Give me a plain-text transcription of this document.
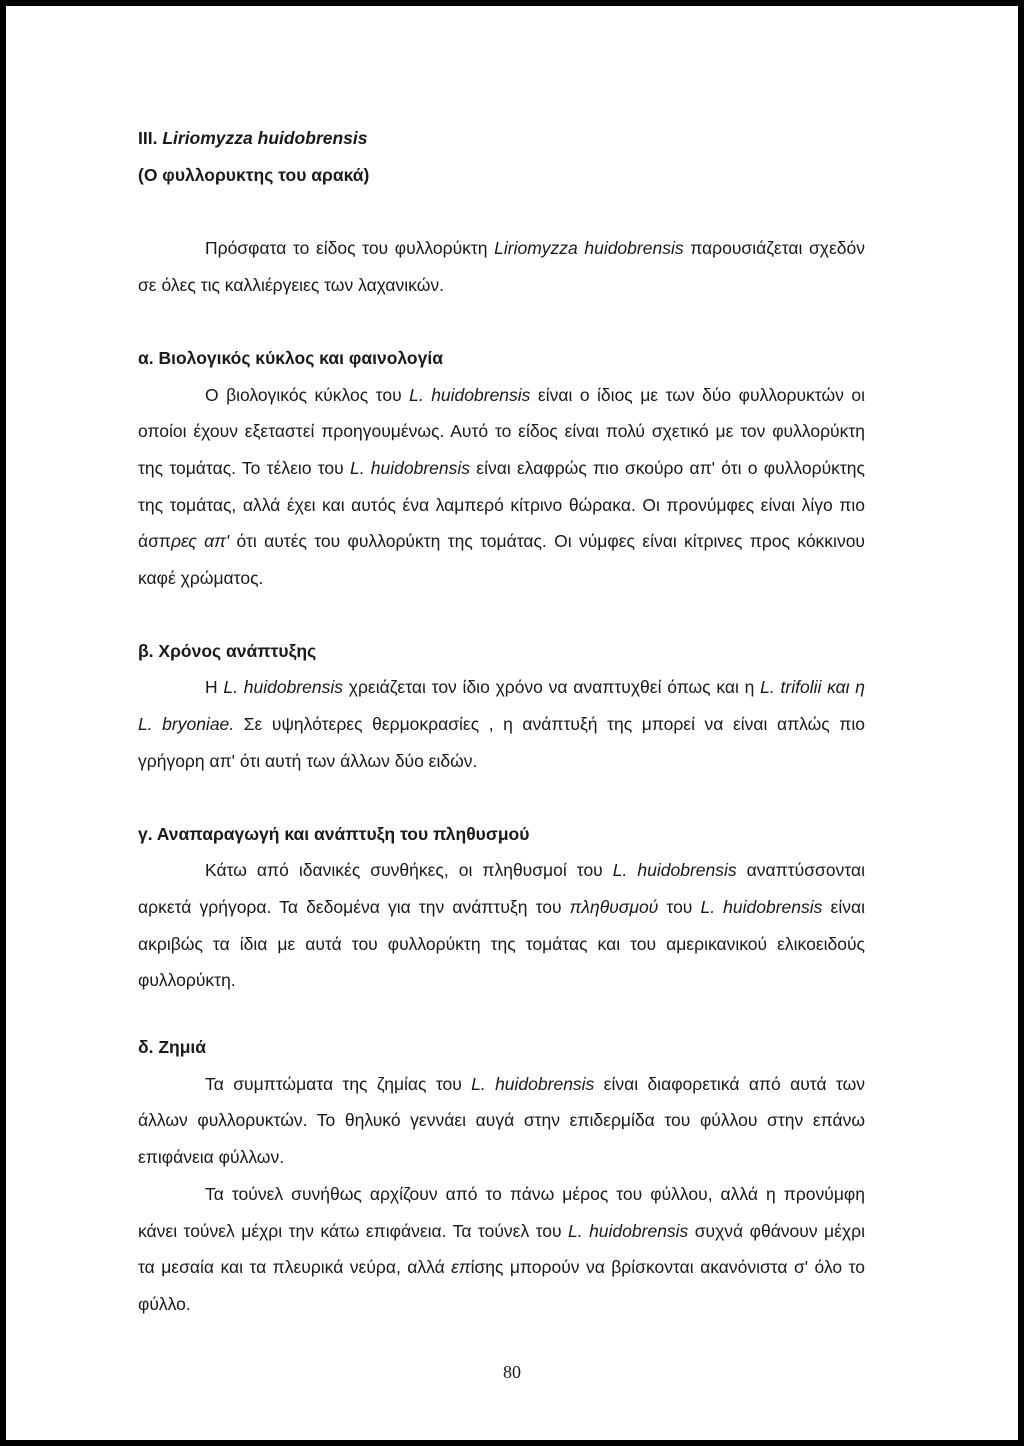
III. Liriomyzza huidobrensis
(Ο φυλλορυκτης του αρακά)

Πρόσφατα το είδος του φυλλορύκτη Liriomyzza huidobrensis παρουσιάζεται σχεδόν σε όλες τις καλλιέργειες των λαχανικών.

α. Βιολογικός κύκλος και φαινολογία

Ο βιολογικός κύκλος του L. huidobrensis είναι ο ίδιος με των δύο φυλλορυκτών οι οποίοι έχουν εξεταστεί προηγουμένως. Αυτό το είδος είναι πολύ σχετικό με τον φυλλορύκτη της τομάτας. Το τέλειο του L. huidobrensis είναι ελαφρώς πιο σκούρο απ' ότι ο φυλλορύκτης της τομάτας, αλλά έχει και αυτός ένα λαμπερό κίτρινο θώρακα. Οι προνύμφες είναι λίγο πιο άσπρες απ' ότι αυτές του φυλλορύκτη της τομάτας. Οι νύμφες είναι κίτρινες προς κόκκινου καφέ χρώματος.

β. Χρόνος ανάπτυξης

Η L. huidobrensis χρειάζεται τον ίδιο χρόνο να αναπτυχθεί όπως και η L. trifolii και η L. bryoniae. Σε υψηλότερες θερμοκρασίες , η ανάπτυξή της μπορεί να είναι απλώς πιο γρήγορη απ' ότι αυτή των άλλων δύο ειδών.

γ. Αναπαραγωγή και ανάπτυξη του πληθυσμού

Κάτω από ιδανικές συνθήκες, οι πληθυσμοί του L. huidobrensis αναπτύσσονται αρκετά γρήγορα. Τα δεδομένα για την ανάπτυξη του πληθυσμού του L. huidobrensis είναι ακριβώς τα ίδια με αυτά του φυλλορύκτη της τομάτας και του αμερικανικού ελικοειδούς φυλλορύκτη.

δ. Ζημιά

Τα συμπτώματα της ζημίας του L. huidobrensis είναι διαφορετικά από αυτά των άλλων φυλλορυκτών. Το θηλυκό γεννάει αυγά στην επιδερμίδα του φύλλου στην επάνω επιφάνεια φύλλων.

Τα τούνελ συνήθως αρχίζουν από το πάνω μέρος του φύλλου, αλλά η προνύμφη κάνει τούνελ μέχρι την κάτω επιφάνεια. Τα τούνελ του L. huidobrensis συχνά φθάνουν μέχρι τα μεσαία και τα πλευρικά νεύρα, αλλά επίσης μπορούν να βρίσκονται ακανόνιστα σ' όλο το φύλλο.

80
